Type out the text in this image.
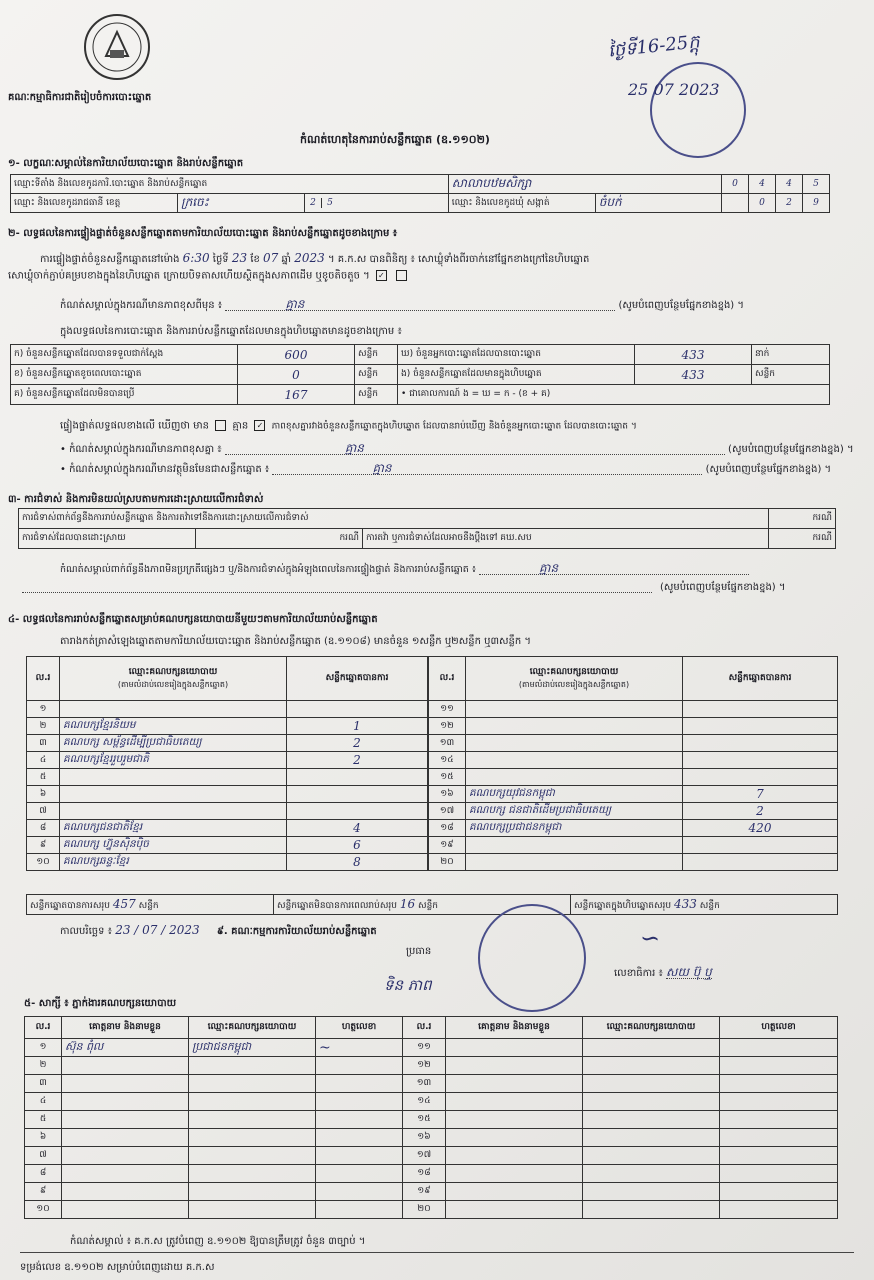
គណៈកម្មាធិការជាតិរៀបចំការបោះឆ្នោត
ថ្ងៃទី16-25ក្តុ
25 07 2023
កំណត់ហេតុនៃការរាប់សន្លឹកឆ្នោត (ឧ.១១០២)
១- លក្ខណៈសម្គាល់នៃការិយាល័យបោះឆ្នោត និងរាប់សន្លឹកឆ្នោត
ឈ្មោះទីតាំង និងលេខកូដការិ.បោះឆ្នោត និងរាប់សន្លឹកឆ្នោត			សាលាបឋមសិក្សា		0	4	4	5
ឈ្មោះ និងលេខកូដរាជធានី ខេត្ត	ក្រចេះ	2 5	ឈ្មោះ និងលេខកូដឃុំ សង្កាត់	ចំបក់		0	2	9
២- លទ្ធផលនៃការផ្ទៀងផ្ទាត់ចំនួនសន្លឹកឆ្នោតតាមការិយាល័យបោះឆ្នោត និងរាប់សន្លឹកឆ្នោតដូចខាងក្រោម ៖
ការផ្ទៀងផ្ទាត់ចំនួនសន្លឹកឆ្នោតនៅម៉ោង 6:30 ថ្ងៃទី 23 ខែ 07 ឆ្នាំ 2023 ។ គ.ក.ស បានពិនិត្យ ៖ សោឃ្លុំទាំងពីរចាក់នៅផ្នែកខាងក្រៅនៃហិបឆ្នោត
សោឃ្លុំចាក់ភ្ជាប់គម្របខាងក្នុងនៃហិបឆ្នោត ក្រោយបិទតាសហើយស្ថិតក្នុងសភាពដើម ឬខូចតិចតួច ។ ✓
កំណត់សម្គាល់ក្នុងករណីមានភាពខុសពីមុន ៖	គ្មាន	(សូមបំពេញបន្ថែមផ្នែកខាងខ្នង) ។
ក្នុងលទ្ធផលនៃការបោះឆ្នោត និងការរាប់សន្លឹកឆ្នោតដែលមានក្នុងហិបឆ្នោតមានដូចខាងក្រោម ៖
ក) ចំនួនសន្លឹកឆ្នោតដែលបានទទួលជាក់ស្តែង	600	សន្លឹក	ឃ) ចំនួនអ្នកបោះឆ្នោតដែលបានបោះឆ្នោត	433	នាក់
ខ) ចំនួនសន្លឹកឆ្នោតខូចពេលបោះឆ្នោត	0	សន្លឹក	ង) ចំនួនសន្លឹកឆ្នោតដែលមានក្នុងហិបឆ្នោត	433	សន្លឹក
គ) ចំនួនសន្លឹកឆ្នោតដែលមិនបានប្រើ	167	សន្លឹក	• ជាគោលការណ៍ ង = ឃ = ក - (ខ + គ)		
ផ្ទៀងផ្ទាត់លទ្ធផលខាងលើ ឃើញថា មាន គ្មាន ✓ ភាពខុសគ្នារវាងចំនួនសន្លឹកឆ្នោតក្នុងហិបឆ្នោត ដែលបានរាប់ឃើញ និងចំនួនអ្នកបោះឆ្នោត ដែលបានបោះឆ្នោត ។
• កំណត់សម្គាល់ក្នុងករណីមានភាពខុសគ្នា ៖	គ្មាន	(សូមបំពេញបន្ថែមផ្នែកខាងខ្នង) ។
• កំណត់សម្គាល់ក្នុងករណីមានវត្ថុមិនមែនជាសន្លឹកឆ្នោត ៖	គ្មាន	(សូមបំពេញបន្ថែមផ្នែកខាងខ្នង) ។
៣- ការជំទាស់ និងការមិនយល់ស្របតាមការដោះស្រាយលើការជំទាស់
ការជំទាស់ពាក់ព័ន្ធនឹងការរាប់សន្លឹកឆ្នោត និងការតវ៉ាទៅនឹងការដោះស្រាយលើការជំទាស់			ករណី
ការជំទាស់ដែលបានដោះស្រាយ	ករណី	ការតវ៉ា ឬការជំទាស់ដែលអាចនឹងប្តឹងទៅ គឃ.សប	ករណី
កំណត់សម្គាល់ពាក់ព័ន្ធនឹងភាពមិនប្រក្រតីផ្សេងៗ ឬ/និងការជំទាស់ក្នុងអំឡុងពេលនៃការផ្ទៀងផ្ទាត់ និងការរាប់សន្លឹកឆ្នោត ៖	គ្មាន
(សូមបំពេញបន្ថែមផ្នែកខាងខ្នង) ។
៤- លទ្ធផលនៃការរាប់សន្លឹកឆ្នោតសម្រាប់គណបក្សនយោបាយនីមួយៗតាមការិយាល័យរាប់សន្លឹកឆ្នោត
តារាងកត់ត្រាសំឡេងឆ្នោតតាមការិយាល័យបោះឆ្នោត និងរាប់សន្លឹកឆ្នោត (ឧ.១១០៨) មានចំនួន ១សន្លឹក ឬ២សន្លឹក ឬ៣សន្លឹក ។
ល.រ	ឈ្មោះគណបក្សនយោបាយ
(តាមលំដាប់លេខរៀងក្នុងសន្លឹកឆ្នោត)	សន្លឹកឆ្នោតបានការ
១		
២	គណបក្សខ្មែរនិយម	1
៣	គណបក្ស សម្ព័ន្ធដើម្បីប្រជាធិបតេយ្យ	2
៤	គណបក្សខ្មែររួបរួមជាតិ	2
៥		
៦		
៧		
៨	គណបក្សជនជាតិខ្មែរ	4
៩	គណបក្ស ហ្វ៊ុនស៊ិនប៉ិច	6
១០	គណបក្សឆន្ទៈខ្មែរ	8
ល.រ	ឈ្មោះគណបក្សនយោបាយ
(តាមលំដាប់លេខរៀងក្នុងសន្លឹកឆ្នោត)	សន្លឹកឆ្នោតបានការ
១១		
១២		
១៣		
១៤		
១៥		
១៦	គណបក្សយុវជនកម្ពុជា	7
១៧	គណបក្ស ជនជាតិដើមប្រជាធិបតេយ្យ	2
១៨	គណបក្សប្រជាជនកម្ពុជា	420
១៩		
២០		
សន្លឹកឆ្នោតបានការសរុប 457 សន្លឹក	សន្លឹកឆ្នោតមិនបានការពេលរាប់សរុប 16 សន្លឹក	សន្លឹកឆ្នោតក្នុងហិបឆ្នោតសរុប 433 សន្លឹក
កាលបរិច្ឆេទ ៖ 23 / 07 / 2023 ៩. គណៈកម្មការការិយាល័យរាប់សន្លឹកឆ្នោត
ប្រធាន
ទិន ភាព
∽
លេខាធិការ ៖ សយ ប៊ុ ឬ
៥- សាក្សី ៖ ភ្នាក់ងារគណបក្សនយោបាយ
ល.រ	គោត្តនាម និងនាមខ្លួន	ឈ្មោះគណបក្សនយោបាយ	ហត្ថលេខា	ល.រ	គោត្តនាម និងនាមខ្លួន	ឈ្មោះគណបក្សនយោបាយ	ហត្ថលេខា
១	ស៊ុន ពុំល	ប្រជាជនកម្ពុជា	~	១១			
២				១២			
៣				១៣			
៤				១៤			
៥				១៥			
៦				១៦			
៧				១៧			
៨				១៨			
៩				១៩			
១០				២០			
កំណត់សម្គាល់ ៖ គ.ក.ស ត្រូវបំពេញ ឧ.១១០២ ឱ្យបានត្រឹមត្រូវ ចំនួន ៣ច្បាប់ ។
ទម្រង់លេខ ឧ.១១០២ សម្រាប់បំពេញដោយ គ.ក.ស
